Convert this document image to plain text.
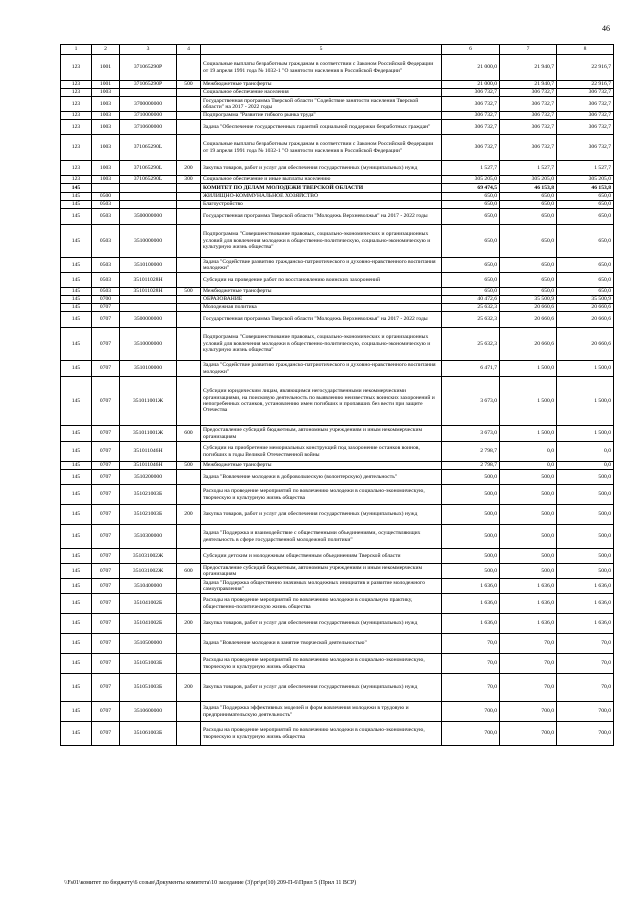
46
1	2	3	4	5	6	7	8
123	1001	371065290Р		Социальные выплаты безработным гражданам в соответствии с Законом Российской Федерации от 19 апреля 1991 года № 1032-1 "О занятости населения в Российской Федерации"	21 000,0	21 940,7	22 916,7
123	1001	371065290Р	500	Межбюджетные трансферты	21 000,0	21 940,7	22 916,7
123	1003			Социальное обеспечение населения	306 732,7	306 732,7	306 732,7
123	1003	3700000000		Государственная программа Тверской области "Содействие занятости населения Тверской области" на 2017 - 2022 годы	306 732,7	306 732,7	306 732,7
123	1003	3710000000		Подпрограмма "Развитие гибкого рынка труда"	306 732,7	306 732,7	306 732,7
123	1003	3710600000		Задача "Обеспечение государственных гарантий социальной поддержки безработных граждан"	306 732,7	306 732,7	306 732,7
123	1003	371065290L		Социальные выплаты безработным гражданам в соответствии с Законом Российской Федерации от 19 апреля 1991 года № 1032-1 "О занятости населения в Российской Федерации"	306 732,7	306 732,7	306 732,7
123	1003	371065290L	200	Закупка товаров, работ и услуг для обеспечения государственных (муниципальных) нужд	1 527,7	1 527,7	1 527,7
123	1003	371065290L	300	Социальное обеспечение и иные выплаты населению	305 205,0	305 205,0	305 205,0
145				КОМИТЕТ ПО ДЕЛАМ МОЛОДЕЖИ ТВЕРСКОЙ ОБЛАСТИ	69 474,5	46 153,8	46 153,8
145	0500			ЖИЛИЩНО-КОММУНАЛЬНОЕ ХОЗЯЙСТВО	650,0	650,0	650,0
145	0503			Благоустройство	650,0	650,0	650,0
145	0503	3500000000		Государственная программа Тверской области "Молодежь Верхневолжья" на 2017 - 2022 годы	650,0	650,0	650,0
145	0503	3510000000		Подпрограмма "Совершенствование правовых, социально-экономических и организационных условий для вовлечения молодежи в общественно-политическую, социально-экономическую и культурную жизнь общества"	650,0	650,0	650,0
145	0503	3510100000		Задача "Содействие развитию гражданско-патриотического и духовно-нравственного воспитания молодежи"	650,0	650,0	650,0
145	0503	351011028Н		Субсидии на проведение работ по восстановлению воинских захоронений	650,0	650,0	650,0
145	0503	351011028Н	500	Межбюджетные трансферты	650,0	650,0	650,0
145	0700			ОБРАЗОВАНИЕ	40 472,6	35 500,9	35 500,9
145	0707			Молодежная политика	25 632,3	20 660,6	20 660,6
145	0707	3500000000		Государственная программа Тверской области "Молодежь Верхневолжья" на 2017 - 2022 годы	25 632,3	20 660,6	20 660,6
145	0707	3510000000		Подпрограмма "Совершенствование правовых, социально-экономических и организационных условий для вовлечения молодежи в общественно-политическую, социально-экономическую и культурную жизнь общества"	25 632,3	20 660,6	20 660,6
145	0707	3510100000		Задача "Содействие развитию гражданско-патриотического и духовно-нравственного воспитания молодежи"	6 471,7	1 500,0	1 500,0
145	0707	351011001Ж		Субсидии юридическим лицам, являющимся негосударственными некоммерческими организациями, на поисковую деятельность по выявлению неизвестных воинских захоронений и непогребенных останков, установлению имен погибших и пропавших без вести при защите Отечества	3 673,0	1 500,0	1 500,0
145	0707	351011001Ж	600	Предоставление субсидий бюджетным, автономным учреждениям и иным некоммерческим организациям	3 673,0	1 500,0	1 500,0
145	0707	351011046Н		Субсидии на приобретение мемориальных конструкций под захоронение останков воинов, погибших в годы Великой Отечественной войны	2 798,7	0,0	0,0
145	0707	351011046Н	500	Межбюджетные трансферты	2 798,7	0,0	0,0
145	0707	3510200000		Задача "Вовлечение молодежи в добровольческую (волонтерскую) деятельность"	500,0	500,0	500,0
145	0707	351021003Б		Расходы на проведение мероприятий по вовлечению молодежи в социально-экономическую, творческую и культурную жизнь общества	500,0	500,0	500,0
145	0707	351021003Б	200	Закупка товаров, работ и услуг для обеспечения государственных (муниципальных) нужд	500,0	500,0	500,0
145	0707	3510300000		Задача "Поддержка и взаимодействие с общественными объединениями, осуществляющих деятельность в сфере государственной молодежной политики"	500,0	500,0	500,0
145	0707	351031002Ж		Субсидии детским и молодежным общественным объединениям Тверской области	500,0	500,0	500,0
145	0707	351031002Ж	600	Предоставление субсидий бюджетным, автономным учреждениям и иным некоммерческим организациям	500,0	500,0	500,0
145	0707	3510400000		Задача "Поддержка общественно значимых молодежных инициатив и развитие молодежного самоуправления"	1 636,0	1 636,0	1 636,0
145	0707	351041002Б		Расходы на проведение мероприятий по вовлечению молодежи в социальную практику, общественно-политическую жизнь общества	1 636,0	1 636,0	1 636,0
145	0707	351041002Б	200	Закупка товаров, работ и услуг для обеспечения государственных (муниципальных) нужд	1 636,0	1 636,0	1 636,0
145	0707	3510500000		Задача "Вовлечение молодежи в занятие творческой деятельностью"	70,0	70,0	70,0
145	0707	351051003Б		Расходы на проведение мероприятий по вовлечению молодежи в социально-экономическую, творческую и культурную жизнь общества	70,0	70,0	70,0
145	0707	351051003Б	200	Закупка товаров, работ и услуг для обеспечения государственных (муниципальных) нужд	70,0	70,0	70,0
145	0707	3510600000		Задача "Поддержка эффективных моделей и форм вовлечения молодежи в трудовую и предпринимательскую деятельность"	700,0	700,0	700,0
145	0707	351061003Б		Расходы на проведение мероприятий по вовлечению молодежи в социально-экономическую, творческую и культурную жизнь общества	700,0	700,0	700,0
\\Fs01\комитет по бюджету\6 созыв\Документы комитета\10 заседание (3)\pr\pr(10) 209-П-6\Прил 5 (Прил 11 ВСР)
